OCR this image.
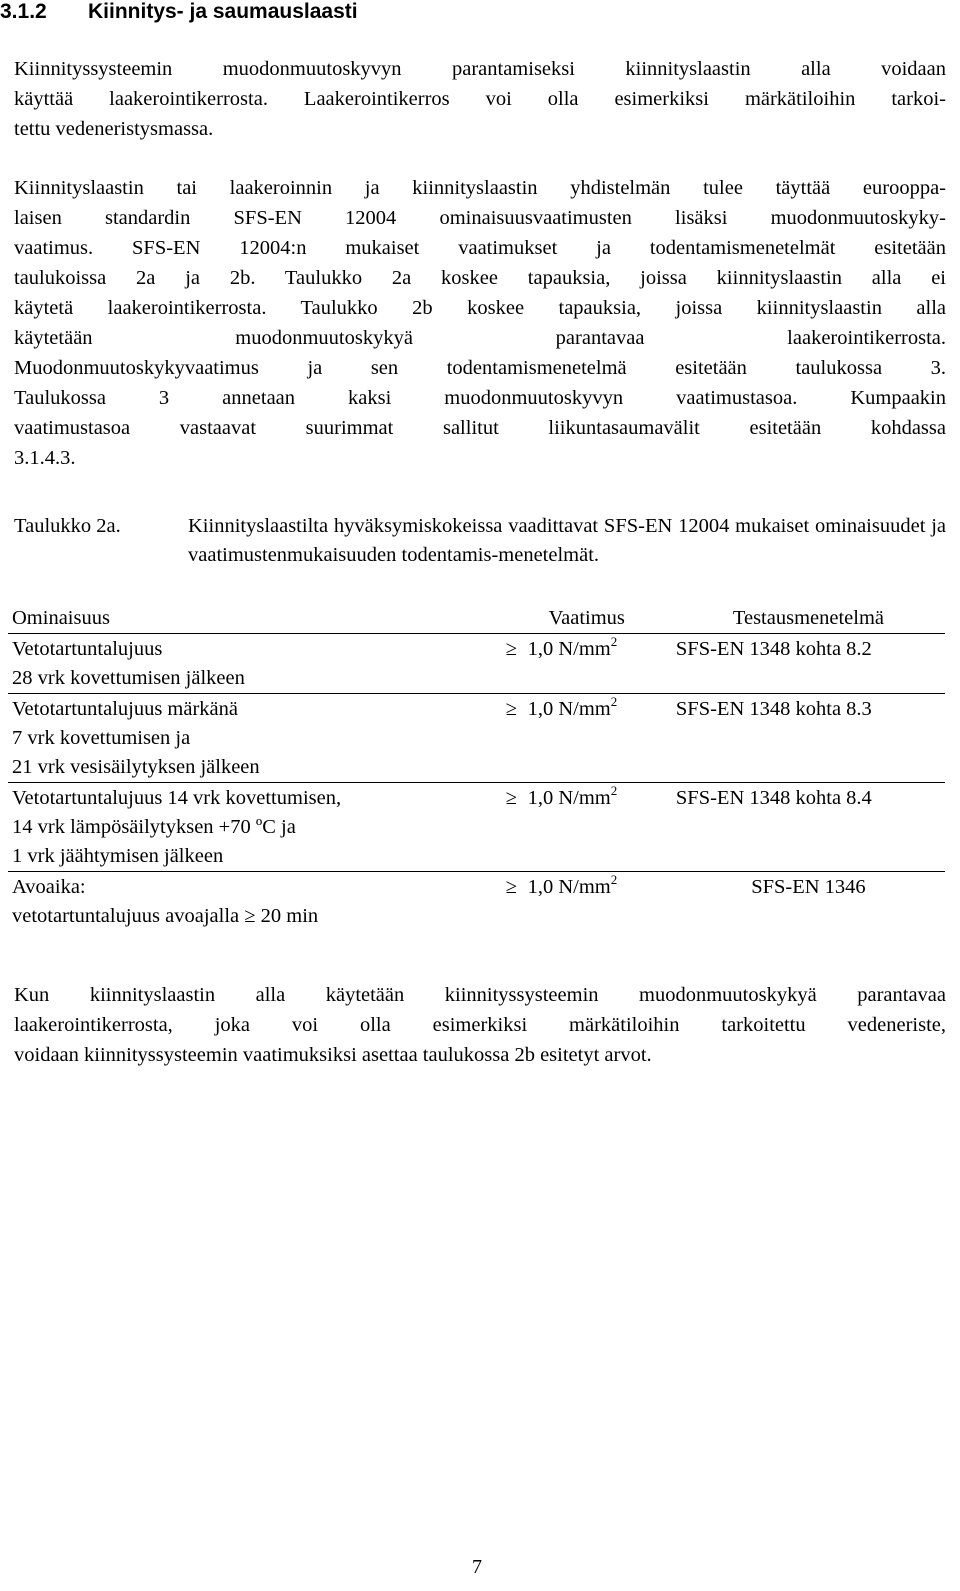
3.1.2 Kiinnitys- ja saumauslaasti
Kiinnityssysteemin muodonmuutoskyvyn parantamiseksi kiinnityslaastin alla voidaan
käyttää laakerointikerrosta. Laakerointikerros voi olla esimerkiksi märkätiloihin tarkoi-
tettu vedeneristysmassa.
Kiinnityslaastin tai laakeroinnin ja kiinnityslaastin yhdistelmän tulee täyttää eurooppa-
laisen standardin SFS-EN 12004 ominaisuusvaatimusten lisäksi muodonmuutoskyky-
vaatimus. SFS-EN 12004:n mukaiset vaatimukset ja todentamismenetelmät esitetään
taulukoissa 2a ja 2b. Taulukko 2a koskee tapauksia, joissa kiinnityslaastin alla ei
käytetä laakerointikerrosta. Taulukko 2b koskee tapauksia, joissa kiinnityslaastin alla
käytetään muodonmuutoskykyä parantavaa laakerointikerrosta.
Muodonmuutoskykyvaatimus ja sen todentamismenetelmä esitetään taulukossa 3.
Taulukossa 3 annetaan kaksi muodonmuutoskyvyn vaatimustasoa. Kumpaakin
vaatimustasoa vastaavat suurimmat sallitut liikuntasaumavälit esitetään kohdassa
3.1.4.3.
Taulukko 2a.	Kiinnityslaastilta hyväksymiskokeissa vaadittavat SFS-EN 12004 mukaiset ominaisuudet ja vaatimustenmukaisuuden todentamis-menetelmät.
Ominaisuus	Vaatimus	Testausmenetelmä

Vetotartuntalujuus
28 vrk kovettumisen jälkeen	≥ 1,0 $N/mm^2$	SFS-EN 1348 kohta 8.2

Vetotartuntalujuus märkänä
7 vrk kovettumisen ja
21 vrk vesisäilytyksen jälkeen	≥ 1,0 $N/mm^2$	SFS-EN 1348 kohta 8.3

Vetotartuntalujuus 14 vrk kovettumisen,
14 vrk lämpösäilytyksen +70 ºC ja
1 vrk jäähtymisen jälkeen	≥ 1,0 $N/mm^2$	SFS-EN 1348 kohta 8.4

Avoaika:
vetotartuntalujuus avoajalla ≥ 20 min	≥ 1,0 $N/mm^2$	SFS-EN 1346
Kun kiinnityslaastin alla käytetään kiinnityssysteemin muodonmuutoskykyä parantavaa
laakerointikerrosta, joka voi olla esimerkiksi märkätiloihin tarkoitettu vedeneriste,
voidaan kiinnityssysteemin vaatimuksiksi asettaa taulukossa 2b esitetyt arvot.
7
